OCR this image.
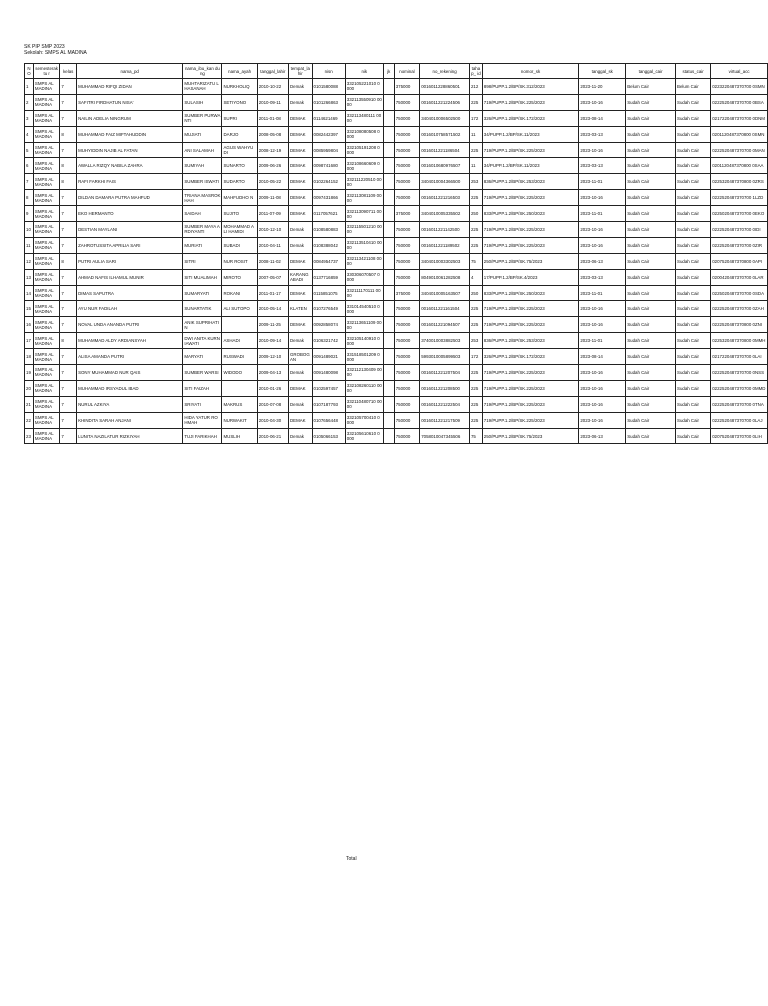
SK PIP SMP 2023
Sekolah: SMPS AL MADINA
NO	semesteraktu r	kelas	nama_pd	nama_ibu_kan dung	nama_ayah	tanggal_lahir	tempat_la hir	nisn	nik	jk	nominal	no_rekening	tahap_ id	nomor_sk	tanggal_sk	tanggal_cair	status_cair	virtual_acc
1	SMPS AL MADINA	7	MUHAMMAD RIFQI ZIDAN	MUHTARIZATU L HASANAH	NURKHOLIQ	2010-10-22	Demak	0101580088	332105221010 0000		375000	0016011228860501	212	898/PUPP.1.2/BP/SK.312/2023	2023-11-20	Belum Cair	Belum Cair	0223220487370700 0SMN
2	SMPS AL MADINA	7	SAFITRI FIRDHATUN NISA'	SULASIH	SETIYONO	2010-09-11	Demak	0101266863	332113550910 0000		750000	0016011221224506	225	719/PUPP.1.2/BP/SK.225/2023	2023-10-16	Sudah Cair	Sudah Cair	0222520487370700 0BSA
3	SMPS AL MADINA	7	NAILIN ADELIA NINGRUM	SUMBER PURWANTI	SUPRI	2011-01-08	DEMAK	0114621469	332113480111 0000		750000	3404010006502500	172	326/PUPP.1.2/BP/SK.172/2023	2023-08-14	Sudah Cair	Sudah Cair	0217220487370700 0DNM
4	SMPS AL MADINA	8	MUHAMMAD FAIZ MIFTAHUDDIN	MUJIATI	DARJO	2008-05-08	DEMAK	0082442397	332108080508 0000		750000	0016010758571502	11	34/PUPP.1.2/BP/SK.11/2023	2023-03-13	Sudah Cair	Sudah Cair	0201120487370800 0SMN
5	SMPS AL MADINA	7	MUHYIDDIN NAJIB AL FATAN	ANI SALAMAH	AGUS WAHYUDI	2008-12-19	DEMAK	0085959804	332105191208 0000		750000	0016011221186504	225	719/PUPP.1.2/BP/SK.225/2023	2023-10-16	Sudah Cair	Sudah Cair	0222520487370700 0MAN
6	SMPS AL MADINA	8	AWALLA RIZQY NABILA ZAHRA	SUMIYAH	SUNARTO	2009-06-26	DEMAK	0098741680	332108660609 0000		750000	0016010680976507	11	34/PUPP.1.2/BP/SK.11/2023	2023-03-13	Sudah Cair	Sudah Cair	0201120487370800 0SAA
7	SMPS AL MADINA	8	RAFI FARKHI FAIS	SUMBER ISWATI	SUDARTO	2010-05-22	DEMAK	0102264152	332111220510 0000		750000	3404010004366500	253	836/PUPP.1.2/BP/SK.253/2023	2023-11-01	Sudah Cair	Sudah Cair	0225320487370800 0ZRS
8	SMPS AL MADINA	7	DILDAN DAMARA PUTRA MAHFUD	TRIANA MASROKHAH	MAHFUDHO N	2009-11-08	DEMAK	0097431866	332113081109 0000		750000	0016011221216503	225	719/PUPP.1.2/BP/SK.225/2023	2023-10-16	Sudah Cair	Sudah Cair	0222520487370700 1LZD
9	SMPS AL MADINA	7	EKO HERMANTO	SAIDAH	SUJITO	2011-07-09	DEMAK	0117057621	332113090711 0000		375000	3404010005335502	250	833/PUPP.1.2/BP/SK.250/2023	2023-11-01	Sudah Cair	Sudah Cair	0225020487370700 0EKO
10	SMPS AL MADINA	7	DESTIAN MAYLANI	SUMBER MAYA ARDIYANTI	MOHAMMAD ALI HAMIDI	2010-12-10	Demak	0108580883	332115501210 0000		750000	0016011221142500	225	719/PUPP.1.2/BP/SK.225/2023	2023-10-16	Sudah Cair	Sudah Cair	0222520487370700 0IDI
11	SMPS AL MADINA	7	ZAHROTUSSITA APRILIA SARI	MURIATI	SUBADI	2010-04-11	Demak	0108388042	332113510410 0000		750000	0016011221189502	225	719/PUPP.1.2/BP/SK.225/2023	2023-10-16	Sudah Cair	Sudah Cair	0222520487370700 0ZIR
12	SMPS AL MADINA	8	PUTRI AULIA SARI	SITRI	NUR ROSIT	2008-11-02	DEMAK	0084954737	332113421108 0000		750000	3404010003302503	75	250/PUPP.1.2/BP/SK.75/2023	2023-06-13	Sudah Cair	Sudah Cair	0207520487370800 0API
13	SMPS AL MADINA	7	AHMAD NAFIS ILHAMUL MUNIR	SITI MUALIMAH	MIROTO	2007-05-07	KARANG ABADI	0137716859	330306070507 0000		750000	8049010061282508	4	17/PUPP.1.2/BP/SK.4/2023	2023-03-13	Sudah Cair	Sudah Cair	0200420487370700 0LAR
14	SMPS AL MADINA	7	DIMAS SAPUTRA	SUMARYATI	ROKANI	2011-01-17	DEMAK	0115851075	332111170111 0000		375000	3404010005163507	250	833/PUPP.1.2/BP/SK.250/2023	2023-11-01	Sudah Cair	Sudah Cair	0225020487370700 0SDA
15	SMPS AL MADINA	7	AYU NUR FADILAH	SUNARTATIK	ALI SUTOPO	2010-05-14	KLATEN	0107276549	331014540510 0000		750000	0016011221161504	225	719/PUPP.1.2/BP/SK.225/2023	2023-10-16	Sudah Cair	Sudah Cair	0222520487370700 0ZAH
16	SMPS AL MADINA	7	NOVAL UNDA ANANDA PUTRI	ANIK SUPRIHATIN		2009-11-25	DEMAK	0092858074	332113651109 0000		750000	0016011221094507	225	719/PUPP.1.2/BP/SK.225/2023	2023-10-16	Sudah Cair	Sudah Cair	0222520487370800 0ZNI
17	SMPS AL MADINA	8	MUHAMMAD ALDY ARDIANSYAH	DWI ANITA KURNIAWATI	ASHADI	2010-09-14	Demak	0106321742	332105140910 0000		750000	3740010003882503	253	836/PUPP.1.2/BP/SK.253/2023	2023-11-01	Sudah Cair	Sudah Cair	0225320487370800 0MMH
18	SMPS AL MADINA	7	ALISA AMANDA PUTRI	MARYATI	RUSWADI	2009-12-10	GROBOGAN	0091489021	331518501209 0000		750000	5993010005899503	172	326/PUPP.1.2/BP/SK.172/2023	2023-08-14	Sudah Cair	Sudah Cair	0217220487370700 0LAI
19	SMPS AL MADINA	7	SONY MUHAMMAD NUR QAIS	SUMBER WARSI	WIDODO	2009-04-13	Demak	0091480098	332112130409 0000		750000	0016011221207504	225	719/PUPP.1.2/BP/SK.225/2023	2023-10-16	Sudah Cair	Sudah Cair	0222520487370700 0NSS
20	SMPS AL MADINA	7	MUHAMMAD IRSYADUL IBAD	SITI FAIZAH		2010-01-26	DEMAK	0102597457	332108260110 0000		750000	0016011221208500	225	719/PUPP.1.2/BP/SK.225/2023	2023-10-16	Sudah Cair	Sudah Cair	0222520487370700 0MMD
21	SMPS AL MADINA	7	NURUL AZKIYA	SRIYATI	MAKRUS	2010-07-08	Demak	0107187793	332110480710 0000		750000	0016011221222504	225	719/PUPP.1.2/BP/SK.225/2023	2023-10-16	Sudah Cair	Sudah Cair	0222520487370700 0TNA
22	SMPS AL MADINA	7	KHINDITA SARAH ANJANI	HIDA YATUR ROHMAH	NURWAKIT	2010-04-30	DEMAK	0107656448	332105700410 0000		750000	0016011221217509	225	719/PUPP.1.2/BP/SK.225/2023	2023-10-16	Sudah Cair	Sudah Cair	0222520487370700 0LAJ
23	SMPS AL MADINA	7	LUNITA NAZILATUR RIZKIYAH	TUJI FARIKHAH	MUSLIH	2010-06-21	Demak	0105066153	332105610610 0000		750000	7058010047345506	75	250/PUPP.1.2/BP/SK.75/2023	2023-06-13	Sudah Cair	Sudah Cair	0207520487370700 0LIH
Total
